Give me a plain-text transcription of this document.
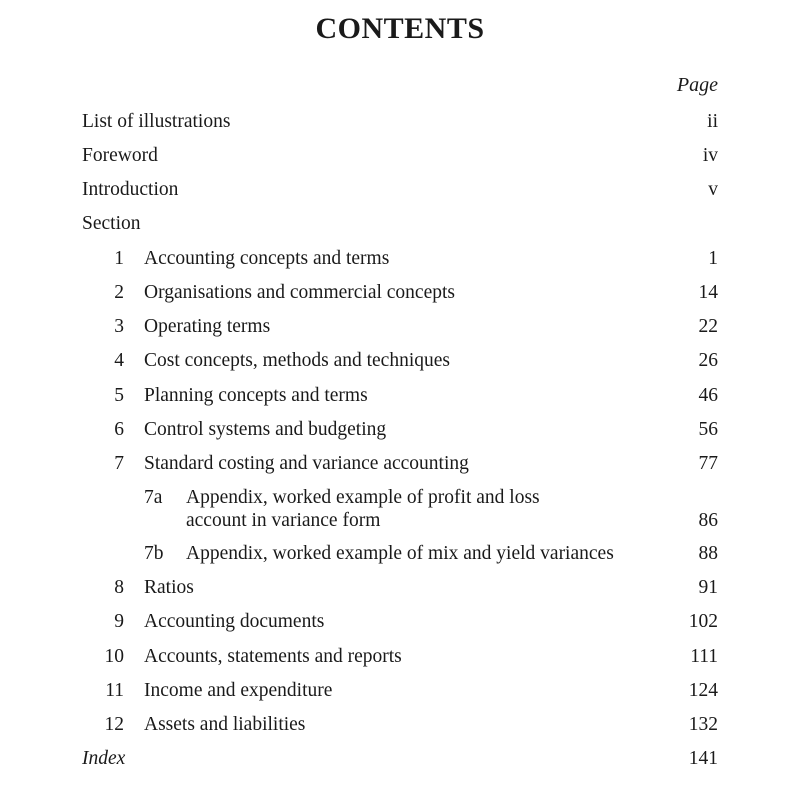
CONTENTS
Page
List of illustrations	ii
Foreword	iv
Introduction	v
Section
1 Accounting concepts and terms	1
2 Organisations and commercial concepts	14
3 Operating terms	22
4 Cost concepts, methods and techniques	26
5 Planning concepts and terms	46
6 Control systems and budgeting	56
7 Standard costing and variance accounting	77
7a Appendix, worked example of profit and loss
account in variance form	86
7b Appendix, worked example of mix and yield variances	88
8 Ratios	91
9 Accounting documents	102
10 Accounts, statements and reports	111
11 Income and expenditure	124
12 Assets and liabilities	132
Index	141
